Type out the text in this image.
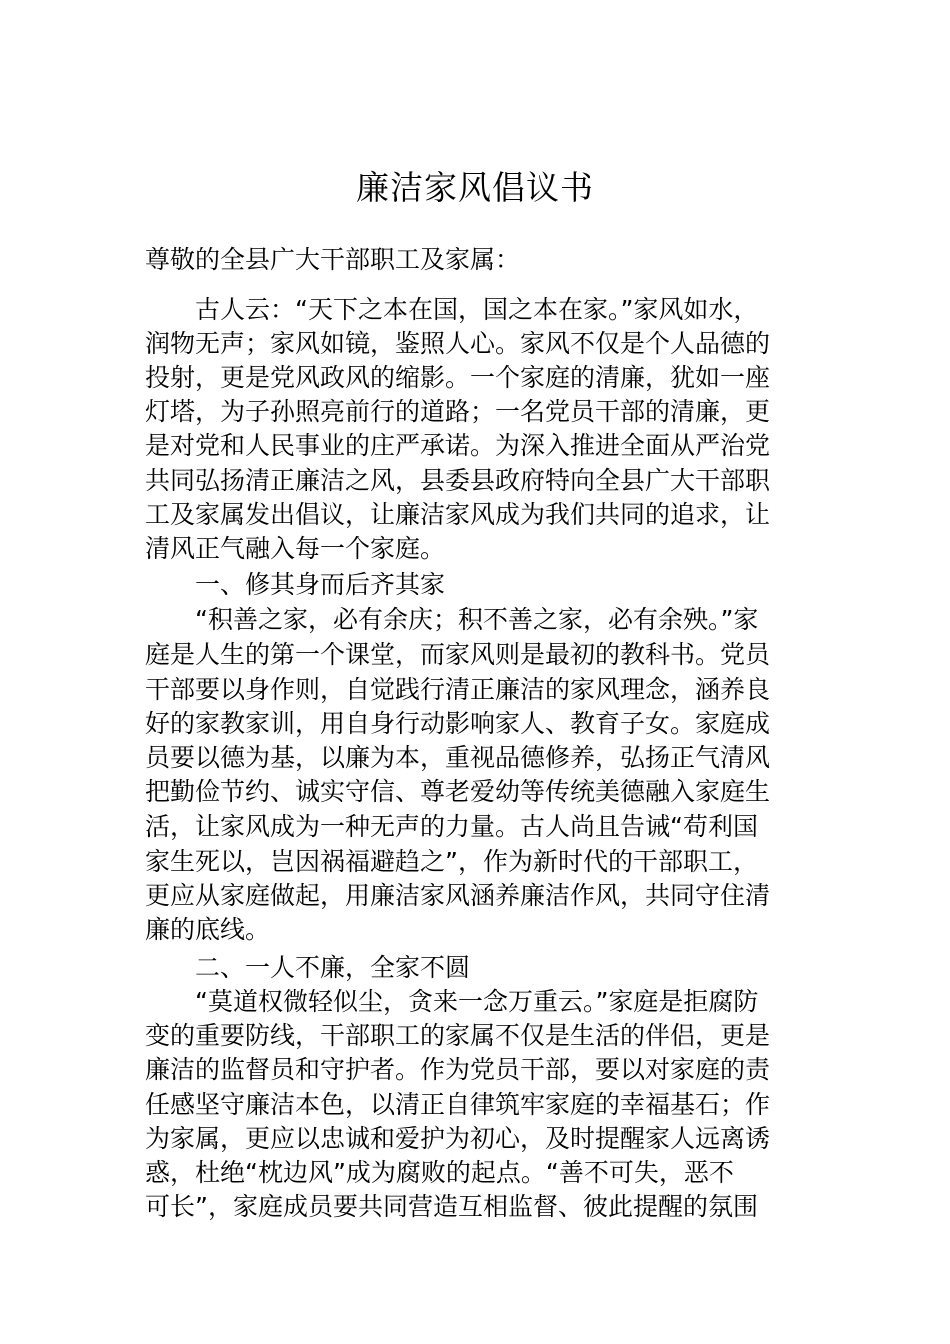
廉洁家风倡议书
尊敬的全县广大干部职工及家属：
　　古人云：“天下之本在国，国之本在家。”家风如水，
润物无声；家风如镜，鉴照人心。家风不仅是个人品德的
投射，更是党风政风的缩影。一个家庭的清廉，犹如一座
灯塔，为子孙照亮前行的道路；一名党员干部的清廉，更
是对党和人民事业的庄严承诺。为深入推进全面从严治党
共同弘扬清正廉洁之风，县委县政府特向全县广大干部职
工及家属发出倡议，让廉洁家风成为我们共同的追求，让
清风正气融入每一个家庭。
　　一、修其身而后齐其家
　　“积善之家，必有余庆；积不善之家，必有余殃。”家
庭是人生的第一个课堂，而家风则是最初的教科书。党员
干部要以身作则，自觉践行清正廉洁的家风理念，涵养良
好的家教家训，用自身行动影响家人、教育子女。家庭成
员要以德为基，以廉为本，重视品德修养，弘扬正气清风
把勤俭节约、诚实守信、尊老爱幼等传统美德融入家庭生
活，让家风成为一种无声的力量。古人尚且告诫“苟利国
家生死以，岂因祸福避趋之”，作为新时代的干部职工，
更应从家庭做起，用廉洁家风涵养廉洁作风，共同守住清
廉的底线。
　　二、一人不廉，全家不圆
　　“莫道权微轻似尘，贪来一念万重云。”家庭是拒腐防
变的重要防线，干部职工的家属不仅是生活的伴侣，更是
廉洁的监督员和守护者。作为党员干部，要以对家庭的责
任感坚守廉洁本色，以清正自律筑牢家庭的幸福基石；作
为家属，更应以忠诚和爱护为初心，及时提醒家人远离诱
惑，杜绝“枕边风”成为腐败的起点。“善不可失，恶不
可长”，家庭成员要共同营造互相监督、彼此提醒的氛围
